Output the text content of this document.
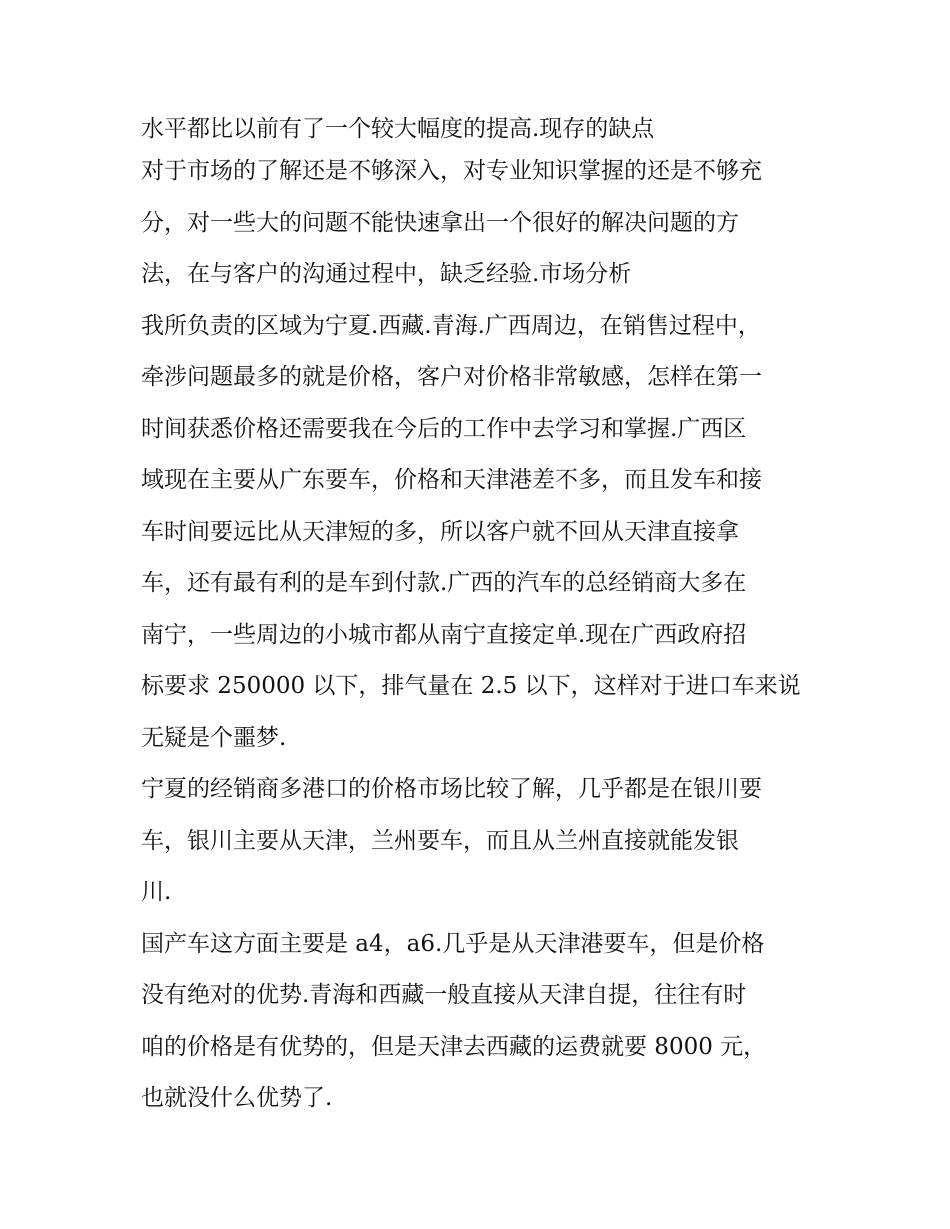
水平都比以前有了一个较大幅度的提高.现存的缺点
对于市场的了解还是不够深入，对专业知识掌握的还是不够充
分，对一些大的问题不能快速拿出一个很好的解决问题的方
法，在与客户的沟通过程中，缺乏经验.市场分析
我所负责的区域为宁夏.西藏.青海.广西周边，在销售过程中，
牵涉问题最多的就是价格，客户对价格非常敏感，怎样在第一
时间获悉价格还需要我在今后的工作中去学习和掌握.广西区
域现在主要从广东要车，价格和天津港差不多，而且发车和接
车时间要远比从天津短的多，所以客户就不回从天津直接拿
车，还有最有利的是车到付款.广西的汽车的总经销商大多在
南宁，一些周边的小城市都从南宁直接定单.现在广西政府招
标要求 250000 以下，排气量在 2.5 以下，这样对于进口车来说
无疑是个噩梦.
宁夏的经销商多港口的价格市场比较了解，几乎都是在银川要
车，银川主要从天津，兰州要车，而且从兰州直接就能发银
川.
国产车这方面主要是 a4，a6.几乎是从天津港要车，但是价格
没有绝对的优势.青海和西藏一般直接从天津自提，往往有时
咱的价格是有优势的，但是天津去西藏的运费就要 8000 元，
也就没什么优势了.
